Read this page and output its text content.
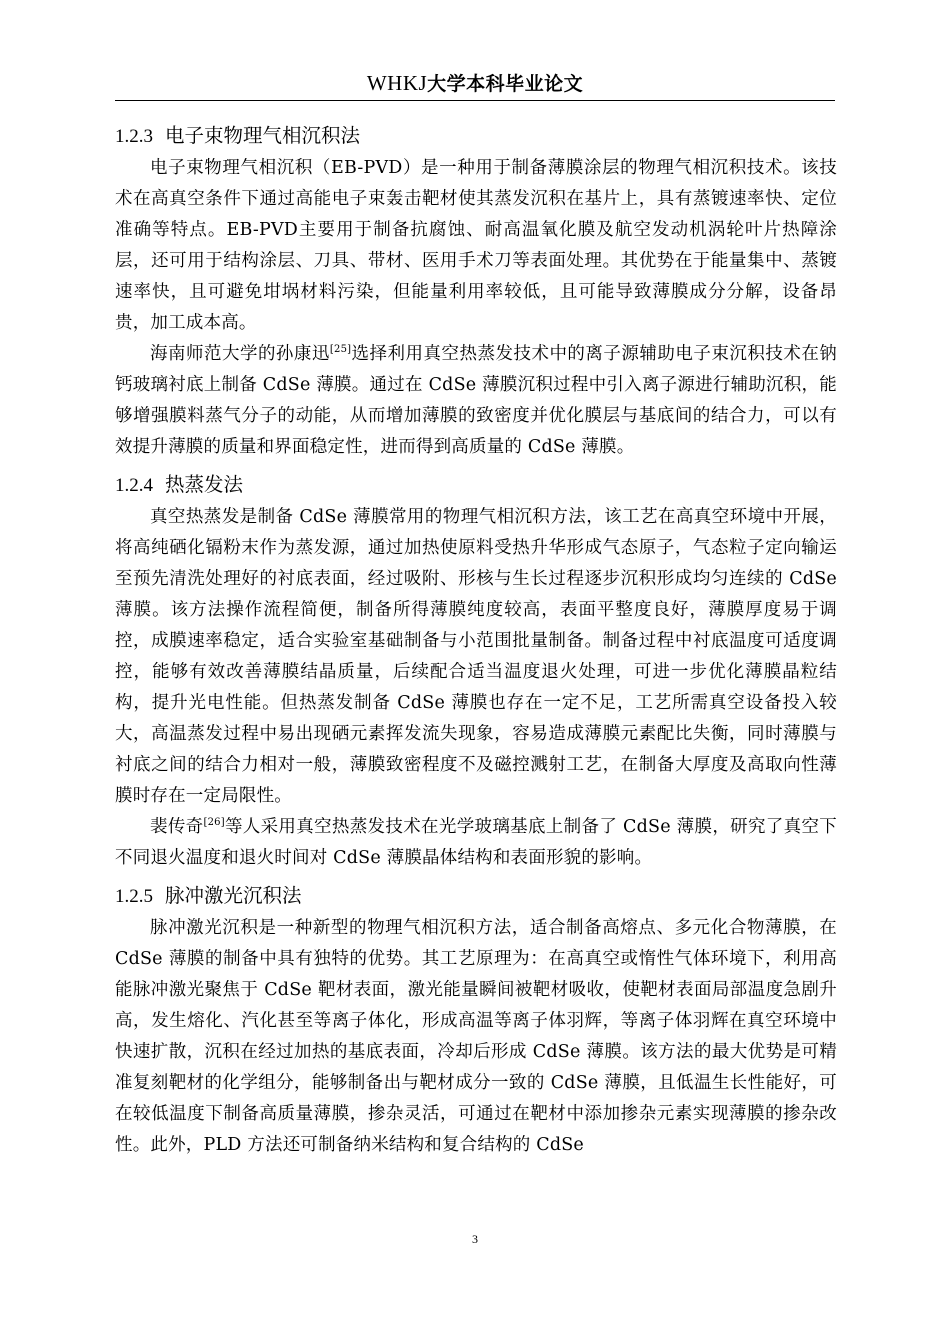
WHKJ大学本科毕业论文
1.2.3 电子束物理气相沉积法

电子束物理气相沉积（EB-PVD）是一种用于制备薄膜涂层的物理气相沉积技术。该技术在高真空条件下通过高能电子束轰击靶材使其蒸发沉积在基片上，具有蒸镀速率快、定位准确等特点。EB-PVD主要用于制备抗腐蚀、耐高温氧化膜及航空发动机涡轮叶片热障涂层，还可用于结构涂层、刀具、带材、医用手术刀等表面处理。其优势在于能量集中、蒸镀速率快，且可避免坩埚材料污染，但能量利用率较低，且可能导致薄膜成分分解，设备昂贵，加工成本高。

海南师范大学的孙康迅[25]选择利用真空热蒸发技术中的离子源辅助电子束沉积技术在钠钙玻璃衬底上制备 CdSe 薄膜。通过在 CdSe 薄膜沉积过程中引入离子源进行辅助沉积，能够增强膜料蒸气分子的动能，从而增加薄膜的致密度并优化膜层与基底间的结合力，可以有效提升薄膜的质量和界面稳定性，进而得到高质量的 CdSe 薄膜。

1.2.4 热蒸发法

真空热蒸发是制备 CdSe 薄膜常用的物理气相沉积方法，该工艺在高真空环境中开展，将高纯硒化镉粉末作为蒸发源，通过加热使原料受热升华形成气态原子，气态粒子定向输运至预先清洗处理好的衬底表面，经过吸附、形核与生长过程逐步沉积形成均匀连续的 CdSe 薄膜。该方法操作流程简便，制备所得薄膜纯度较高，表面平整度良好，薄膜厚度易于调控，成膜速率稳定，适合实验室基础制备与小范围批量制备。制备过程中衬底温度可适度调控，能够有效改善薄膜结晶质量，后续配合适当温度退火处理，可进一步优化薄膜晶粒结构，提升光电性能。但热蒸发制备 CdSe 薄膜也存在一定不足，工艺所需真空设备投入较大，高温蒸发过程中易出现硒元素挥发流失现象，容易造成薄膜元素配比失衡，同时薄膜与衬底之间的结合力相对一般，薄膜致密程度不及磁控溅射工艺，在制备大厚度及高取向性薄膜时存在一定局限性。

裴传奇[26]等人采用真空热蒸发技术在光学玻璃基底上制备了 CdSe 薄膜，研究了真空下不同退火温度和退火时间对 CdSe 薄膜晶体结构和表面形貌的影响。

1.2.5 脉冲激光沉积法

脉冲激光沉积是一种新型的物理气相沉积方法，适合制备高熔点、多元化合物薄膜，在 CdSe 薄膜的制备中具有独特的优势。其工艺原理为：在高真空或惰性气体环境下，利用高能脉冲激光聚焦于 CdSe 靶材表面，激光能量瞬间被靶材吸收，使靶材表面局部温度急剧升高，发生熔化、汽化甚至等离子体化，形成高温等离子体羽辉，等离子体羽辉在真空环境中快速扩散，沉积在经过加热的基底表面，冷却后形成 CdSe 薄膜。该方法的最大优势是可精准复刻靶材的化学组分，能够制备出与靶材成分一致的 CdSe 薄膜，且低温生长性能好，可在较低温度下制备高质量薄膜，掺杂灵活，可通过在靶材中添加掺杂元素实现薄膜的掺杂改性。此外，PLD 方法还可制备纳米结构和复合结构的 CdSe

3
